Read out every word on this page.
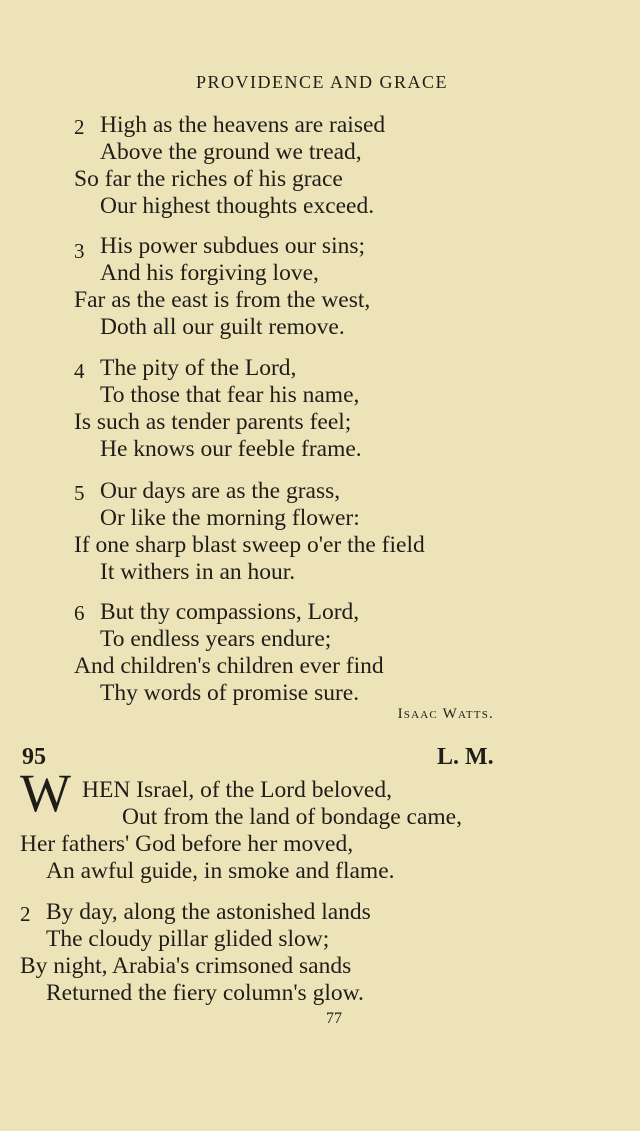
PROVIDENCE AND GRACE
2 High as the heavens are raised
Above the ground we tread,
So far the riches of his grace
Our highest thoughts exceed.
3 His power subdues our sins;
And his forgiving love,
Far as the east is from the west,
Doth all our guilt remove.
4 The pity of the Lord,
To those that fear his name,
Is such as tender parents feel;
He knows our feeble frame.
5 Our days are as the grass,
Or like the morning flower:
If one sharp blast sweep o'er the field
It withers in an hour.
6 But thy compassions, Lord,
To endless years endure;
And children's children ever find
Thy words of promise sure.
Isaac Watts.
95	L. M.
W HEN Israel, of the Lord beloved,
Out from the land of bondage came,
Her fathers' God before her moved,
An awful guide, in smoke and flame.
2 By day, along the astonished lands
The cloudy pillar glided slow;
By night, Arabia's crimsoned sands
Returned the fiery column's glow.
77
